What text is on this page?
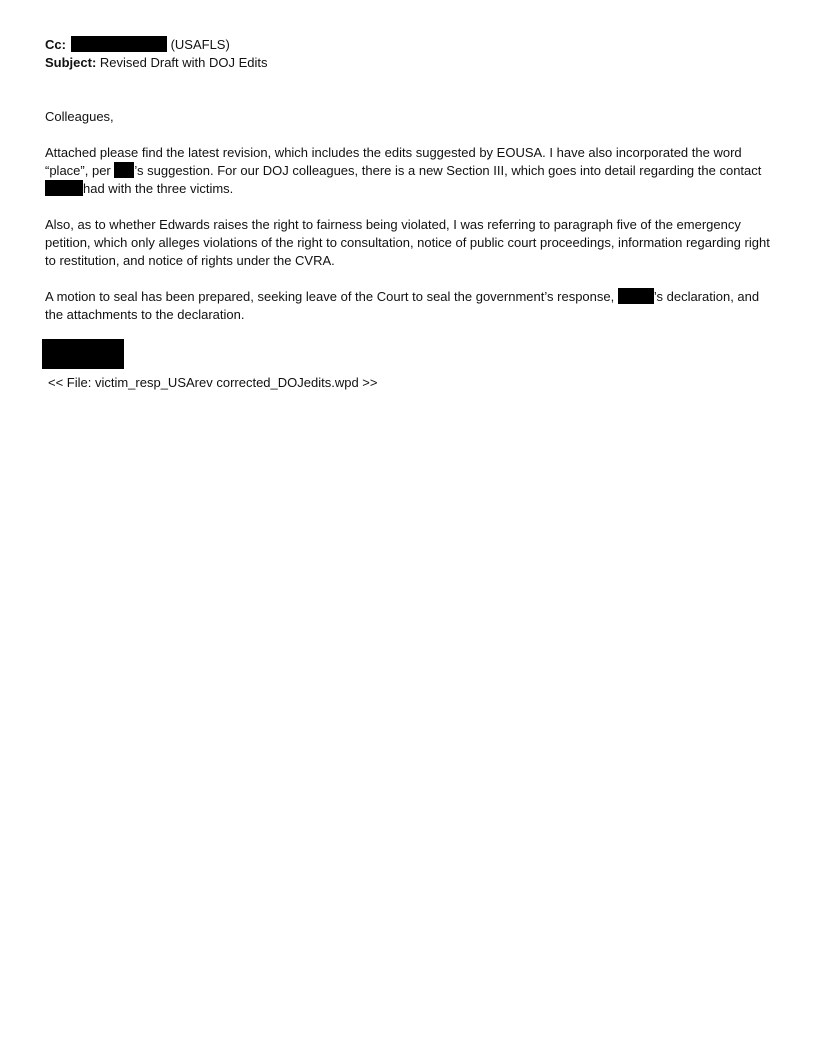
Cc:	(USAFLS)

Subject: Revised Draft with DOJ Edits

Colleagues,

Attached please find the latest revision, which includes the edits suggested by EOUSA. I have also incorporated the word “place”, per ’s suggestion. For our DOJ colleagues, there is a new Section III, which goes into detail regarding the contact had with the three victims.

Also, as to whether Edwards raises the right to fairness being violated, I was referring to paragraph five of the emergency petition, which only alleges violations of the right to consultation, notice of public court proceedings, information regarding right to restitution, and notice of rights under the CVRA.

A motion to seal has been prepared, seeking leave of the Court to seal the government’s response,	’s declaration, and the attachments to the declaration.

<< File: victim_resp_USArev corrected_DOJedits.wpd >>
